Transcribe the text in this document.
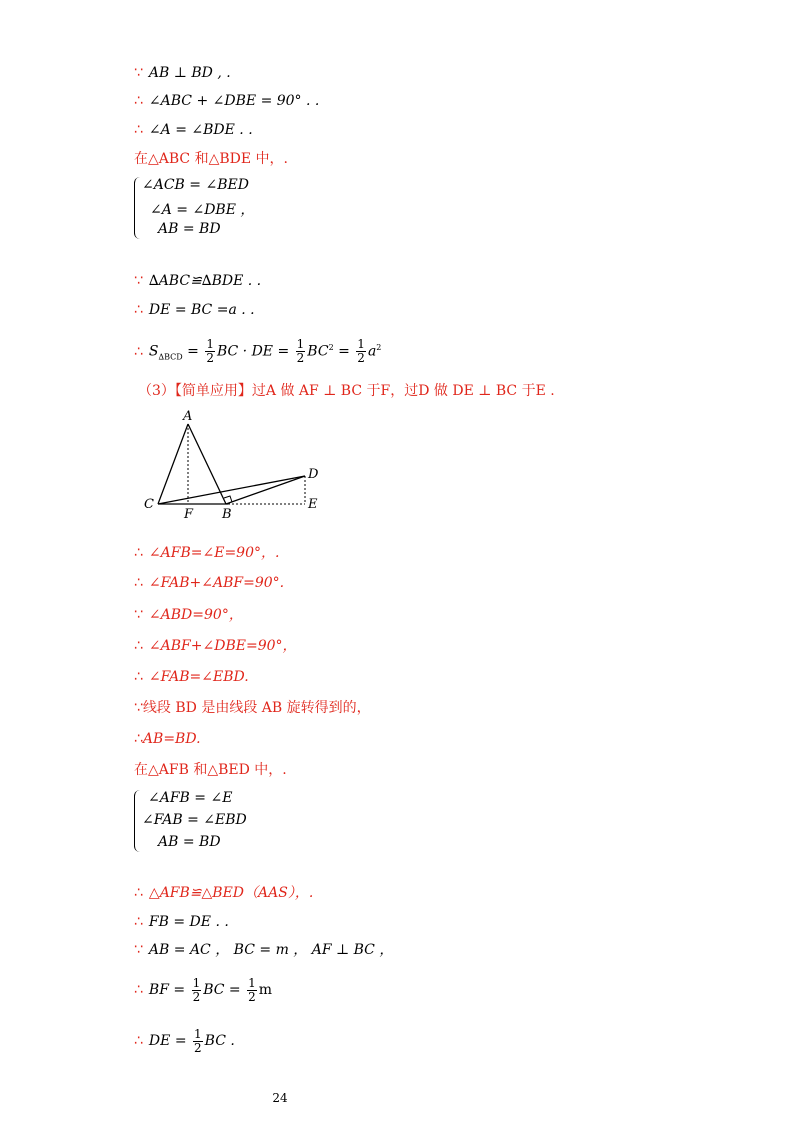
∵ AB ⊥ BD , .
∴ ∠ABC + ∠DBE = 90° . .
∴ ∠A = ∠BDE . .
在△ABC 和△BDE 中，.
∠ACB = ∠BED
∠A = ∠DBE ，
AB = BD
∵ ∆ABC≌∆BDE . .
∴ DE = BC =a . .
∴ $S_{\Delta BCD} = \frac{1}{2}$ BC · DE = $\frac{1}{2} BC^2 = \frac{1}{2} a^2$
（3）【简单应用】过A 做 AF ⊥ BC 于F，过D 做 DE ⊥ BC 于E .
A
C
F B
D
E
∴ ∠AFB=∠E=90°，.
∴ ∠FAB+∠ABF=90°.
∵ ∠ABD=90°，
∴ ∠ABF+∠DBE=90°，
∴ ∠FAB=∠EBD.
∵线段 BD 是由线段 AB 旋转得到的，
∴AB=BD.
在△AFB 和△BED 中，.
∠AFB = ∠E
∠FAB = ∠EBD
AB = BD
∴ △AFB≌△BED（AAS），.
∴ FB = DE . .
∵ AB = AC ， BC = m ， AF ⊥ BC ，
∴ BF = $\frac{1}{2}$ BC = $\frac{1}{2}$ m
∴ DE = $\frac{1}{2}$ BC .
24
